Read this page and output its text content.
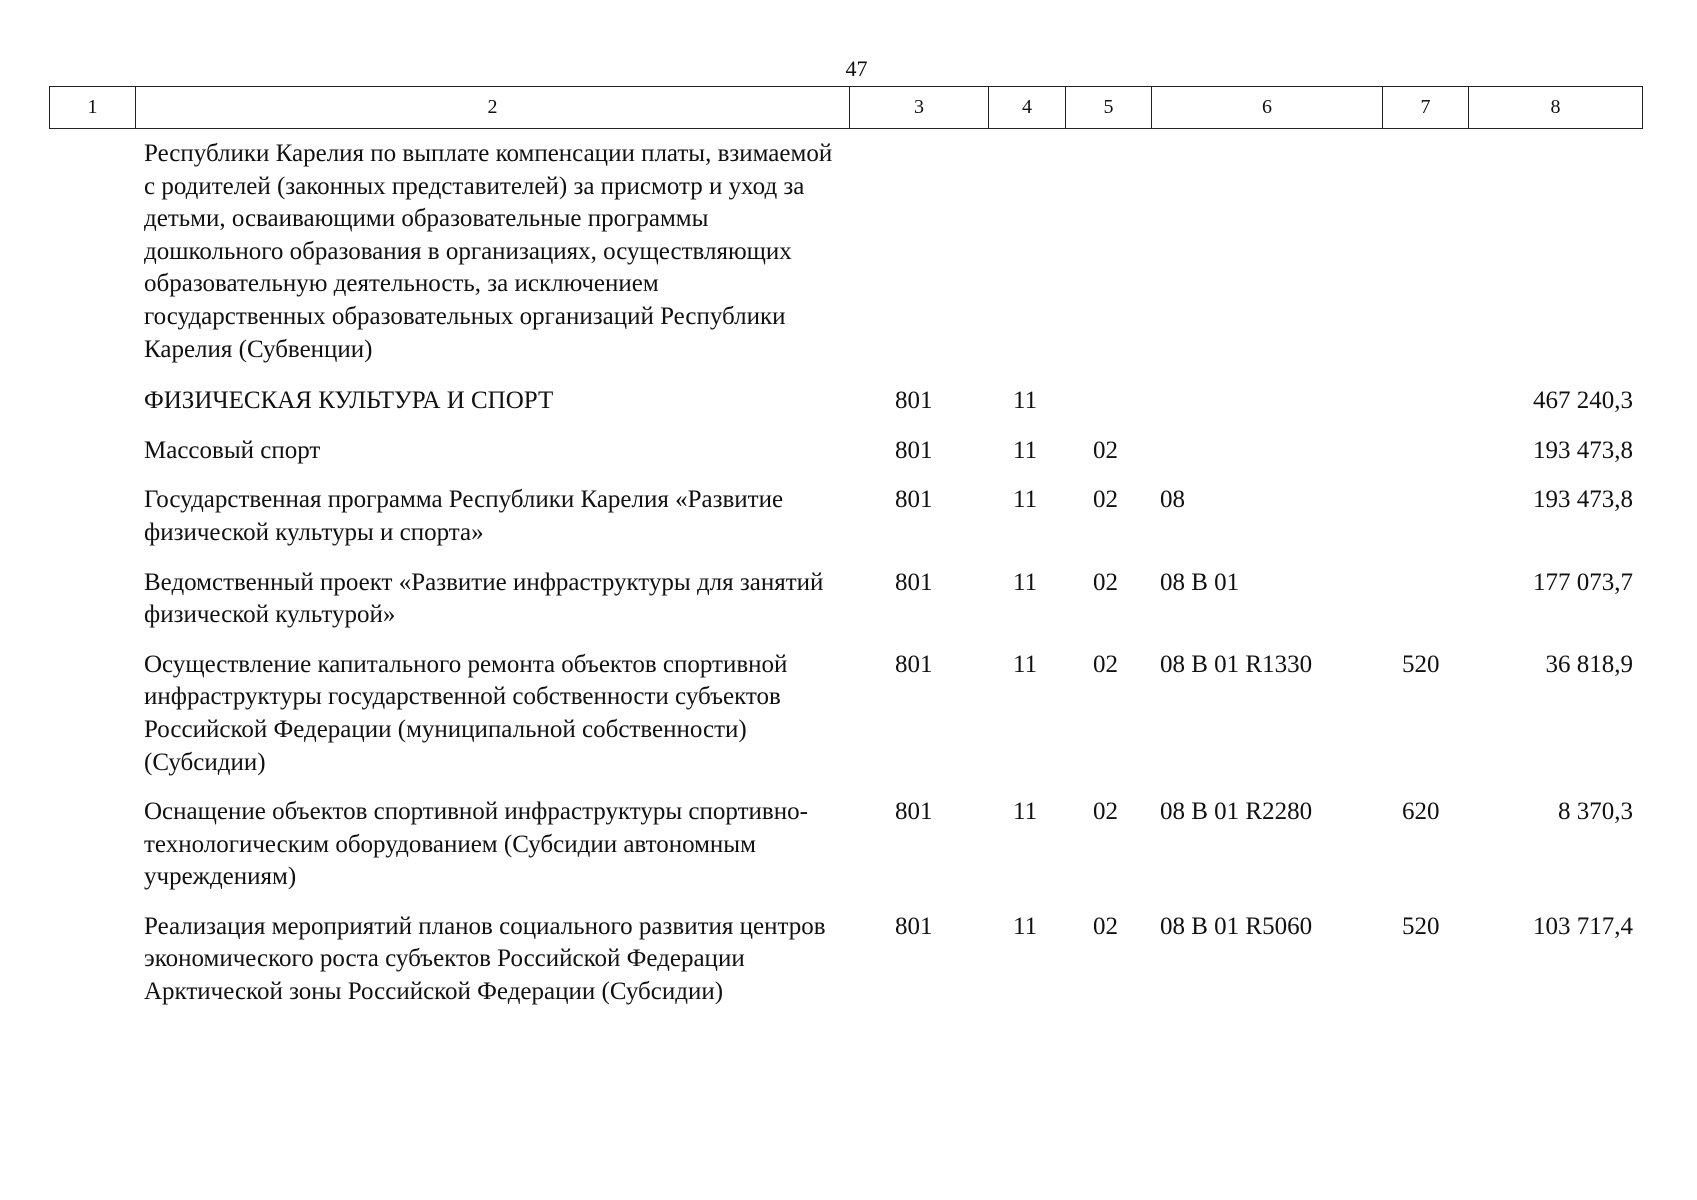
47
1	2	3	4	5	6	7	8
Республики Карелия по выплате компенсации платы, взимаемой с родителей (законных представителей) за присмотр и уход за детьми, осваивающими образовательные программы дошкольного образования в организациях, осуществляющих образовательную деятельность, за исключением государственных образовательных организаций Республики Карелия (Субвенции)						
ФИЗИЧЕСКАЯ КУЛЬТУРА И СПОРТ	801	11				467 240,3
Массовый спорт	801	11	02			193 473,8
Государственная программа Республики Карелия «Развитие физической культуры и спорта»	801	11	02	08		193 473,8
Ведомственный проект «Развитие инфраструктуры для занятий физической культурой»	801	11	02	08 В 01		177 073,7
Осуществление капитального ремонта объектов спортивной инфраструктуры государственной собственности субъектов Российской Федерации (муниципальной собственности) (Субсидии)	801	11	02	08 В 01 R1330	520	36 818,9
Оснащение объектов спортивной инфраструктуры спортивно-технологическим оборудованием (Субсидии автономным учреждениям)	801	11	02	08 В 01 R2280	620	8 370,3
Реализация мероприятий планов социального развития центров экономического роста субъектов Российской Федерации Арктической зоны Российской Федерации (Субсидии)	801	11	02	08 В 01 R5060	520	103 717,4
